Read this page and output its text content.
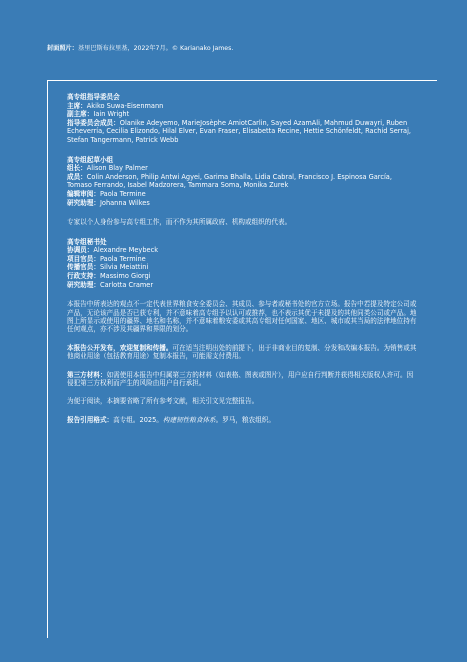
封面照片：基里巴斯布拉里基，2022年7月。© Karianako James.
高专组指导委员会
主席：Akiko Suwa-Eisenmann
副主席：Iain Wright
指导委员会成员：Olanike Adeyemo, MarieJosèphe AmiotCarlin, Sayed AzamAli, Mahmud Duwayri, Ruben Echeverría, Cecilia Elizondo, Hilal Elver, Evan Fraser, Elisabetta Recine, Hettie Schönfeldt, Rachid Serraj, Stefan Tangermann, Patrick Webb
高专组起草小组
组长：Alison Blay Palmer
成员：Colin Anderson, Philip Antwi Agyei, Garima Bhalla, Lidia Cabral, Francisco J. Espinosa García, Tomaso Ferrando, Isabel Madzorera, Tammara Soma, Monika Zurek
编辑审阅：Paola Termine
研究助理：Johanna Wilkes
专家以个人身份参与高专组工作，而不作为其所属政府、机构或组织的代表。
高专组秘书处
协调员：Alexandre Meybeck
项目官员：Paola Termine
传播官员：Silvia Meiattini
行政支持：Massimo Giorgi
研究助理：Carlotta Cramer
本报告中所表达的观点不一定代表世界粮食安全委员会、其成员、参与者或秘书处的官方立场。报告中若提及特定公司或产品，无论该产品是否已获专利，并不意味着高专组予以认可或推荐，也不表示其优于未提及的其他同类公司或产品。地图上所显示或使用的疆界、地名和名称，并不意味着粮安委或其高专组对任何国家、地区、城市或其当局的法律地位持有任何观点，亦不涉及其疆界和界限的划分。
本报告公开发布，欢迎复制和传播。可在适当注明出处的前提下，出于非商业目的复制、分发和改编本报告。为销售或其他商业用途（包括教育用途）复制本报告，可能需支付费用。
第三方材料：如需使用本报告中归属第三方的材料（如表格、图表或图片），用户应自行判断并获得相关版权人许可。因侵犯第三方权利而产生的风险由用户自行承担。
为便于阅读，本摘要省略了所有参考文献，相关引文见完整报告。
报告引用格式：高专组。2025。构建韧性粮食体系。罗马，粮农组织。
